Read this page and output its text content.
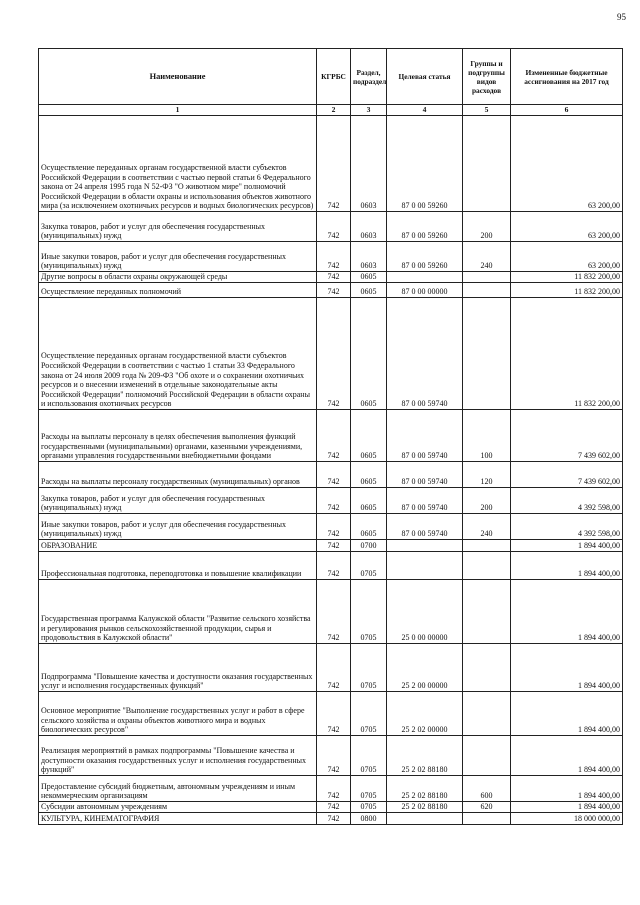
95
Наименование	КГРБС	Раздел, подраздел	Целевая статья	Группы и подгруппы видов расходов	Измененные бюджетные ассигнования на 2017 год
1	2	3	4	5	6
Осуществление переданных органам государственной власти субъектов Российской Федерации в соответствии с частью первой статьи 6 Федерального закона от 24 апреля 1995 года N 52-ФЗ "О животном мире" полномочий Российской Федерации в области охраны и использования объектов животного мира (за исключением охотничьих ресурсов и водных биологических ресурсов)	742	0603	87 0 00 59260		63 200,00
Закупка товаров, работ и услуг для обеспечения государственных (муниципальных) нужд	742	0603	87 0 00 59260	200	63 200,00
Иные закупки товаров, работ и услуг для обеспечения государственных (муниципальных) нужд	742	0603	87 0 00 59260	240	63 200,00
Другие вопросы в области охраны окружающей среды	742	0605			11 832 200,00
Осуществление переданных полномочий	742	0605	87 0 00 00000		11 832 200,00
Осуществление переданных органам государственной власти субъектов Российской Федерации в соответствии с частью 1 статьи 33 Федерального закона от 24 июля 2009 года № 209-ФЗ "Об охоте и о сохранении охотничьих ресурсов и о внесении изменений в отдельные законодательные акты Российской Федерации" полномочий Российской Федерации в области охраны и использования охотничьих ресурсов	742	0605	87 0 00 59740		11 832 200,00
Расходы на выплаты персоналу в целях обеспечения выполнения функций государственными (муниципальными) органами, казенными учреждениями, органами управления государственными внебюджетными фондами	742	0605	87 0 00 59740	100	7 439 602,00
Расходы на выплаты персоналу государственных (муниципальных) органов	742	0605	87 0 00 59740	120	7 439 602,00
Закупка товаров, работ и услуг для обеспечения государственных (муниципальных) нужд	742	0605	87 0 00 59740	200	4 392 598,00
Иные закупки товаров, работ и услуг для обеспечения государственных (муниципальных) нужд	742	0605	87 0 00 59740	240	4 392 598,00
ОБРАЗОВАНИЕ	742	0700			1 894 400,00
Профессиональная подготовка, переподготовка и повышение квалификации	742	0705			1 894 400,00
Государственная программа Калужской области "Развитие сельского хозяйства и регулирования рынков сельскохозяйственной продукции, сырья и продовольствия в Калужской области"	742	0705	25 0 00 00000		1 894 400,00
Подпрограмма "Повышение качества и доступности оказания государственных услуг и исполнения государственных функций"	742	0705	25 2 00 00000		1 894 400,00
Основное мероприятие "Выполнение государственных услуг и работ в сфере сельского хозяйства и охраны объектов животного мира и водных биологических ресурсов"	742	0705	25 2 02 00000		1 894 400,00
Реализация мероприятий в рамках подпрограммы "Повышение качества и доступности оказания государственных услуг и исполнения государственных функций"	742	0705	25 2 02 88180		1 894 400,00
Предоставление субсидий бюджетным, автономным учреждениям и иным некоммерческим организациям	742	0705	25 2 02 88180	600	1 894 400,00
Субсидии автономным учреждениям	742	0705	25 2 02 88180	620	1 894 400,00
КУЛЬТУРА, КИНЕМАТОГРАФИЯ	742	0800			18 000 000,00
